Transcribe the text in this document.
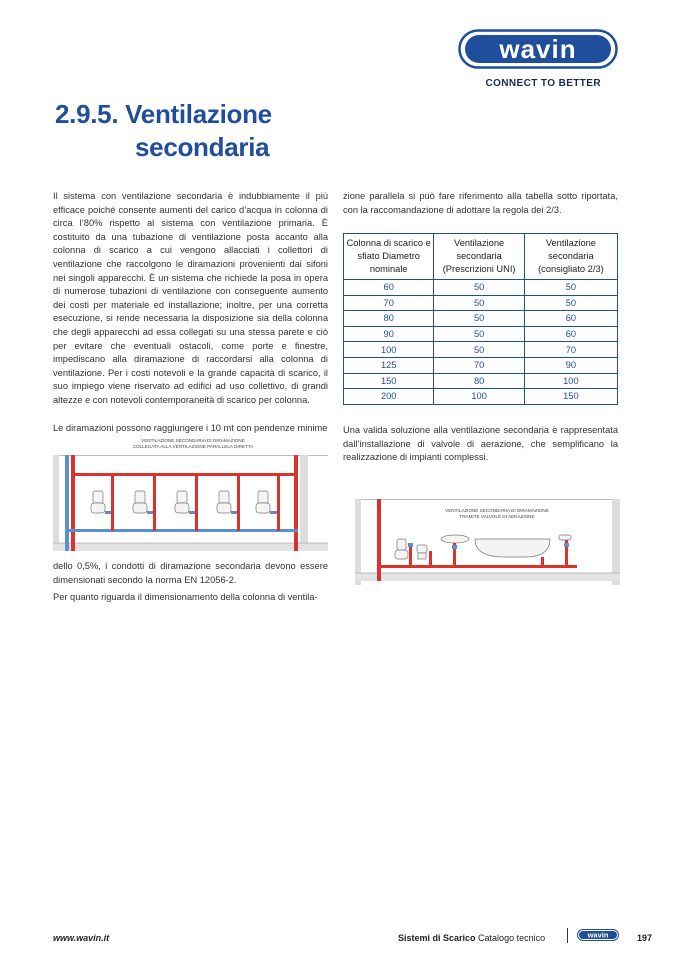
wavin
CONNECT TO BETTER
2.9.5. Ventilazione
secondaria

Il sistema con ventilazione secondaria è indubbiamente il più efficace poiché consente aumenti del carico d’acqua in colonna di circa l’80% rispetto al sistema con ventilazione primaria. È costituito da una tubazione di ventilazione posta accanto alla colonna di scarico a cui vengono allacciati i collettori di ventilazione che raccolgono le diramazioni provenienti dai sifoni nei singoli apparecchi. È un sistema che richiede la posa in opera di numerose tubazioni di ventilazione con conseguente aumento dei costi per materiale ed installazione; inoltre, per una corretta esecuzione, si rende necessaria la disposizione sia della colonna che degli apparecchi ad essa collegati su una stessa parete e ciò per evitare che eventuali ostacoli, come porte e finestre, impediscano alla diramazione di raccordarsi alla colonna di ventilazione. Per i costi notevoli e la grande capacità di scarico, il suo impiego viene riservato ad edifici ad uso collettivo, di grandi altezze e con notevoli contemporaneità di scarico per colonna.

Le diramazioni possono raggiungere i 10 mt con pendenze minime

VENTILAZIONE SECONDARIA DI DIRAMAZIONE
COLLEGATA ALLA VENTILAZIONE PARALLELA DIRETTA

dello 0,5%, i condotti di diramazione secondaria devono essere dimensionati secondo la norma EN 12056-2.

Per quanto riguarda il dimensionamento della colonna di ventila-

zione parallela si può fare riferimento alla tabella sotto riportata, con la raccomandazione di adottare la regola dei 2/3.

Colonna di scarico e sfiato Diametro nominale	Ventilazione secondaria (Prescrizioni UNI)	Ventilazione secondaria (consigliato 2/3)
60	50	50
70	50	50
80	50	60
90	50	60
100	50	70
125	70	90
150	80	100
200	100	150

Una valida soluzione alla ventilazione secondaria è rappresentata dall’installazione di valvole di aerazione, che semplificano la realizzazione di impianti complessi.

VENTILAZIONE SECONDARIA DI DIRAMAZIONE
TRAMITE VALVOLE DI AERAZIONE
www.wavin.it	Sistemi di Scarico Catalogo tecnico	wavin	197
